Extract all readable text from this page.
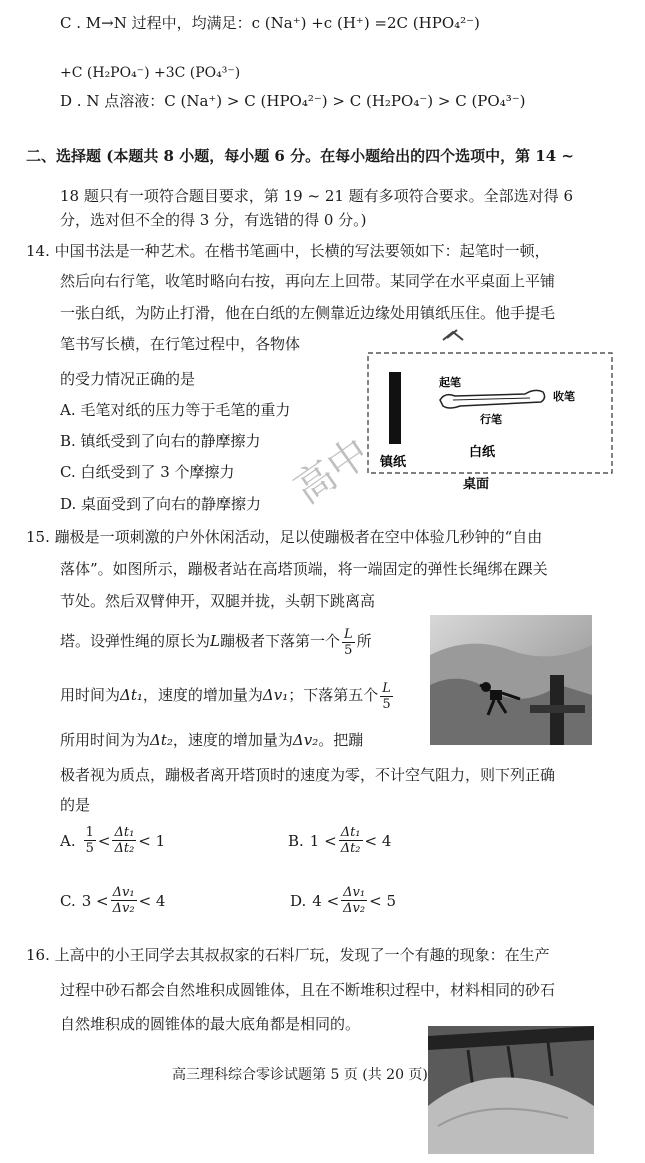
C . M→N 过程中，均满足：c (Na⁺) +c (H⁺) =2C (HPO₄²⁻)
+C (H₂PO₄⁻) +3C (PO₄³⁻)
D . N 点溶液：C (Na⁺) > C (HPO₄²⁻) > C (H₂PO₄⁻) > C (PO₄³⁻)
二、选择题 (本题共 8 小题，每小题 6 分。在每小题给出的四个选项中，第 14 ~
18 题只有一项符合题目要求，第 19 ~ 21 题有多项符合要求。全部选对得 6
分，选对但不全的得 3 分，有选错的得 0 分。)
14. 中国书法是一种艺术。在楷书笔画中，长横的写法要领如下：起笔时一顿，
然后向右行笔，收笔时略向右按，再向左上回带。某同学在水平桌面上平铺
一张白纸，为防止打滑，他在白纸的左侧靠近边缘处用镇纸压住。他手提毛
笔书写长横，在行笔过程中，各物体
的受力情况正确的是
A. 毛笔对纸的压力等于毛笔的重力
B. 镇纸受到了向右的静摩擦力
C. 白纸受到了 3 个摩擦力
D. 桌面受到了向右的静摩擦力
起笔
行笔
收笔
镇纸
白纸
桌面
高中
15. 蹦极是一项刺激的户外休闲活动，足以使蹦极者在空中体验几秒钟的“自由
落体”。如图所示，蹦极者站在高塔顶端，将一端固定的弹性长绳绑在踝关
节处。然后双臂伸开，双腿并拢，头朝下跳离高
塔。设弹性绳的原长为L蹦极者下落第一个 $\frac{L}{5}$ 所
用时间为Δt₁，速度的增加量为Δv₁；下落第五个 $\frac{L}{5}$
所用时间为为Δt₂，速度的增加量为Δv₂。把蹦
极者视为质点，蹦极者离开塔顶时的速度为零，不计空气阻力，则下列正确
的是
A. $\frac{1}{5} < \frac{\text{Δt₁}}{\text{Δt₂}} < 1$	B. $1 < \frac{\text{Δt₁}}{\text{Δt₂}} < 4$
C. $3 < \frac{\text{Δv₁}}{\text{Δv₂}} < 4$	D. $4 < \frac{\text{Δv₁}}{\text{Δv₂}} < 5$
16. 上高中的小王同学去其叔叔家的石料厂玩，发现了一个有趣的现象：在生产
过程中砂石都会自然堆积成圆锥体，且在不断堆积过程中，材料相同的砂石
自然堆积成的圆锥体的最大底角都是相同的。
高三理科综合零诊试题第 5 页 (共 20 页)
